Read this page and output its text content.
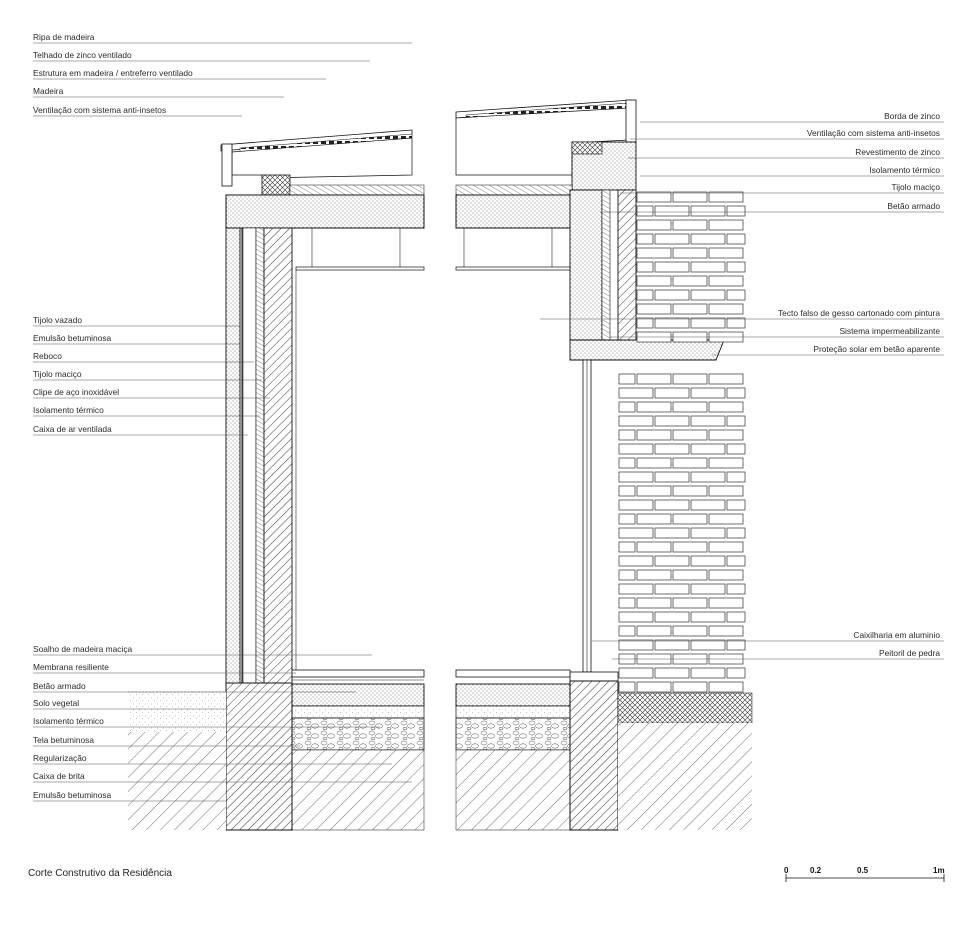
Ripa de madeira
Telhado de zinco ventilado
Estrutura em madeira / entreferro ventilado
Madeira
Ventilação com sistema anti-insetos
Tijolo vazado
Emulsão betuminosa
Reboco
Tijolo maciço
Clipe de aço inoxidável
Isolamento térmico
Caixa de ar ventilada
Soalho de madeira maciça
Membrana resiliente
Betão armado
Solo vegetal
Isolamento térmico
Tela betuminosa
Regularização
Caixa de brita
Emulsão betuminosa
Borda de zinco
Ventilação com sistema anti-insetos
Revestimento de zinco
Isolamento térmico
Tijolo maciço
Betão armado
Tecto falso de gesso cartonado com pintura
Sistema impermeabilizante
Proteção solar em betão aparente
Caixilharia em aluminio
Peitoril de pedra
Corte Construtivo da Residência	0	0.2	0.5	1m
